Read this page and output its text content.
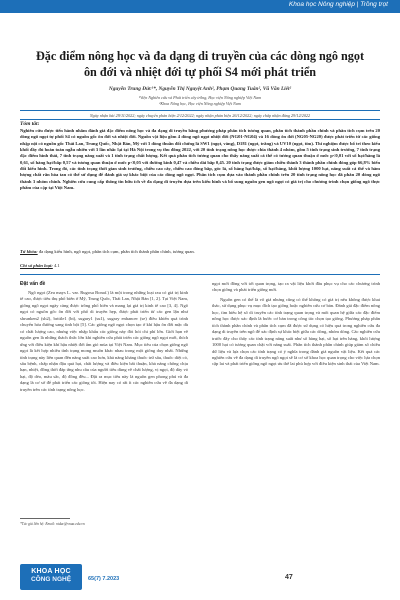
Khoa học Nông nghiệp | Trồng trọt
Đặc điểm nông học và đa dạng di truyền của các dòng ngô ngọt ôn đới và nhiệt đới tự phối S4 mới phát triển
Nguyễn Trung Đức¹*, Nguyễn Thị Nguyệt Anh², Phạm Quang Tuân², Vũ Văn Liết²
¹Viện Nghiên cứu và Phát triển cây trồng, Học viện Nông nghiệp Việt Nam
²Khoa Nông học, Học viện Nông nghiệp Việt Nam
Ngày nhận bài 29/11/2022; ngày chuyển phản biện 2/12/2022; ngày nhận phản biện 26/12/2022; ngày chấp nhận đăng 29/12/2022
Tóm tắt:
Nghiên cứu được tiến hành nhằm đánh giá đặc điểm nông học và đa dạng di truyền bằng phương pháp phân tích tương quan, phân tích thành phần chính và phân tích cụm trên 20 dòng ngô ngọt tự phối S4 có nguồn gốc ôn đới và nhiệt đới. Nguồn vật liệu gồm 4 dòng ngô ngọt nhiệt đới (NG01-NG04) và 16 dòng ôn đới (NG05-NG20) được phát triển từ các giống nhập nội có nguồn gốc Thái Lan, Trung Quốc, Nhật Bản, Mỹ với 3 dòng thuần đối chứng là SW1 (ngọt, vàng), D181 (ngọt, trắng) và UV10 (ngọt, tím). Thí nghiệm được bố trí theo kiểu khối đầy đủ hoàn toàn ngẫu nhiên với 3 lần nhắc lại tại Hà Nội trong vụ thu đông 2022, với 20 tính trạng nông học được chia thành 4 nhóm, gồm 5 tính trạng sinh trưởng, 7 tính trạng đặc điểm hình thái, 7 tính trạng năng suất và 1 tính trạng chất lượng. Kết quả phân tích tương quan cho thấy năng suất cá thể có tương quan thuận ở mức p<0,01 với số hạt/hàng là 0,61, số hàng hạt/bắp 0,57 và tương quan thuận ở mức p<0,05 với đường kính 0,47 và chiều dài bắp 0,45. 20 tính trạng được giảm chiều thành 3 thành phần chính đóng góp 66,8% biến đổi kiểu hình. Trong đó, các tính trạng thời gian sinh trưởng, chiều cao cây, chiều cao đóng bắp, góc lá, số hàng hạt/bắp, số hạt/hàng, khối lượng 1000 hạt, năng suất cá thể và hàm lượng chất rắn hòa tan có thể sử dụng để đánh giá sự khác biệt của các dòng ngô ngọt. Phân tích cụm dựa vào thành phần chính trên 20 tính trạng nông học đã phân 20 dòng ngô thành 3 nhóm chính. Nghiên cứu cung cấp thông tin hữu ích về đa dạng di truyền dựa trên kiểu hình và bổ sung nguồn gen ngô ngọt có giá trị cho chương trình chọn giống ngô thực phẩm của cặp tại Việt Nam.
Từ khóa: đa dạng kiểu hình, ngô ngọt, phân tích cụm, phân tích thành phần chính, tương quan.
Chỉ số phân loại: 4.1
Đặt vấn đề

Ngô ngọt (Zea mays L. var. Rugosa Bonaf.) là một trong những loại rau có giá trị kinh tế cao, được tiêu thụ phổ biến ở Mỹ, Trung Quốc, Thái Lan, Nhật Bản [1, 2]. Tại Việt Nam, giống ngô ngọt ngày càng được trồng phổ biến và mang lại giá trị kinh tế cao [3, 4]. Ngô ngọt có nguồn gốc ôn đới với phổ di truyền hẹp, được phát triển từ các gen lặn như shrunken2 (sh2), brittle1 (bt), sugary1 (su1), sugary enhancer (se) điều khiển quá trình chuyển hóa đường sang tinh bột [5]. Các giống ngô ngọt chọn tạo ở khí hậu ôn đới mặc dù có chất lượng cao, nhưng việc nhập khẩu các giống này đòi hỏi chi phí lớn. Giới hạn về nguồn gen là những thách thức lớn khi nghiên cứu phát triển các giống ngô ngọt mới, thích ứng với điều kiện khí hậu nhiệt đới ẩm gió mùa tại Việt Nam. Mục tiêu của chọn giống ngô ngọt là kết hợp nhiều tính trạng mong muốn khác nhau trong một giống duy nhất. Những tính trạng này liên quan đến năng suất cao hơn, khả năng kháng thuốc trừ sâu, thuốc diệt cỏ, sâu bệnh, chấp nhận đậu quả hạt, chất lượng và điều kiện bất thuận, khả năng chống chịu hạn, nhiệt, đồng thời đáp ứng nhu cầu của người tiêu dùng về chất lượng, vị ngọt, độ dày vỏ hạt, độ dẻo, màu sắc, độ đồng đều... Đặt ra mục tiêu này là nguồn gen phong phú và đa dạng là cơ sở để phát triển các giống tốt. Hiện nay có rất ít các nghiên cứu về đa dạng di truyền trên các tính trạng nông học.

ngọt mới đồng với tới quan trọng, tạo ra vật liệu khởi đầu phục vụ cho các chương trình chọn giống và phát triển giống mới.

Nguồn gen có thể là vô giá nhưng cũng có thể không có giá trị nếu không được khai thác, sử dụng phục vụ mục đích tạo giống hoặc nghiên cứu cơ bản. Đánh giá đặc điểm nông học, tìm hiểu hệ số di truyền các tính trạng quan trọng và mối quan hệ giữa các đặc điểm nông học được xác định là bước cơ bản trong công tác chọn tạo giống. Phương pháp phân tích thành phần chính và phân tích cụm đã được sử dụng có hiệu quả trong nghiên cứu đa dạng di truyền trên ngô để xác định sự khác biệt giữa các dòng, nhóm dòng. Các nghiên cứu trước đây cho thấy các tính trạng năng suất như số hàng hạt, số hạt trên hàng, khối lượng 1000 hạt có tương quan chặt với năng suất. Phân tích thành phần chính giúp giảm số chiều dữ liệu và lựa chọn các tính trạng có ý nghĩa trong đánh giá nguồn vật liệu. Kết quả các nghiên cứu về đa dạng di truyền ngô ngọt sẽ là cơ sở khoa học quan trọng cho việc lựa chọn cặp lai và phát triển giống ngô ngọt ưu thế lai phù hợp với điều kiện sinh thái của Việt Nam.

*Tác giả liên hệ: Email: ntduc@vnua.edu.vn
KHOA HỌC
CÔNG NGHỆ	65(7) 7.2023	47
